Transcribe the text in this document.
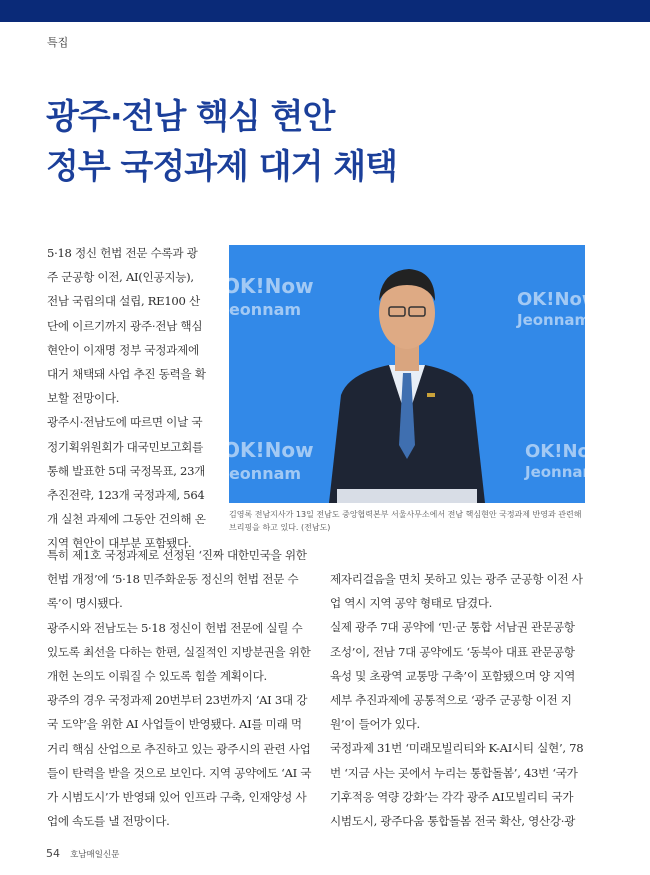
특집
광주·전남 핵심 현안
정부 국정과제 대거 채택

5·18 정신 헌법 전문 수록과 광주 군공항 이전, AI(인공지능), 전남 국립의대 설립, RE100 산단에 이르기까지 광주·전남 핵심 현안이 이재명 정부 국정과제에 대거 채택돼 사업 추진 동력을 확보할 전망이다.

광주시·전남도에 따르면 이날 국정기획위원회가 대국민보고회를 통해 발표한 5대 국정목표, 23개 추진전략, 123개 국정과제, 564개 실천 과제에 그동안 건의해 온 지역 현안이 대부분 포함됐다.

OK!Now
Jeonnam	OK!Now
Jeonnam
OK!Now
Jeonnam
OK!Now
Jeonnam
김영록 전남지사가 13일 전남도 중앙협력본부 서울사무소에서 전남 핵심현안 국정과제 반영과 관련해 브리핑을 하고 있다. (전남도)

특히 제1호 국정과제로 선정된 ‘진짜 대한민국을 위한 헌법 개정’에 ‘5·18 민주화운동 정신의 헌법 전문 수록’이 명시됐다.

광주시와 전남도는 5·18 정신이 헌법 전문에 실릴 수 있도록 최선을 다하는 한편, 실질적인 지방분권을 위한 개헌 논의도 이뤄질 수 있도록 힘쓸 계획이다.

광주의 경우 국정과제 20번부터 23번까지 ‘AI 3대 강국 도약’을 위한 AI 사업들이 반영됐다. AI를 미래 먹거리 핵심 산업으로 추진하고 있는 광주시의 관련 사업들이 탄력을 받을 것으로 보인다. 지역 공약에도 ‘AI 국가 시범도시’가 반영돼 있어 인프라 구축, 인재양성 사업에 속도를 낼 전망이다.

제자리걸음을 면치 못하고 있는 광주 군공항 이전 사업 역시 지역 공약 형태로 담겼다.

실제 광주 7대 공약에 ‘민·군 통합 서남권 관문공항 조성’이, 전남 7대 공약에도 ‘동북아 대표 관문공항 육성 및 초광역 교통망 구축’이 포함됐으며 양 지역 세부 추진과제에 공통적으로 ‘광주 군공항 이전 지원’이 들어가 있다.

국정과제 31번 ‘미래모빌리티와 K-AI시티 실현’, 78번 ‘지금 사는 곳에서 누리는 통합돌봄’, 43번 ‘국가 기후적응 역량 강화’는 각각 광주 AI모빌리티 국가 시범도시, 광주다움 통합돌봄 전국 확산, 영산강·광

54 호남매일신문
